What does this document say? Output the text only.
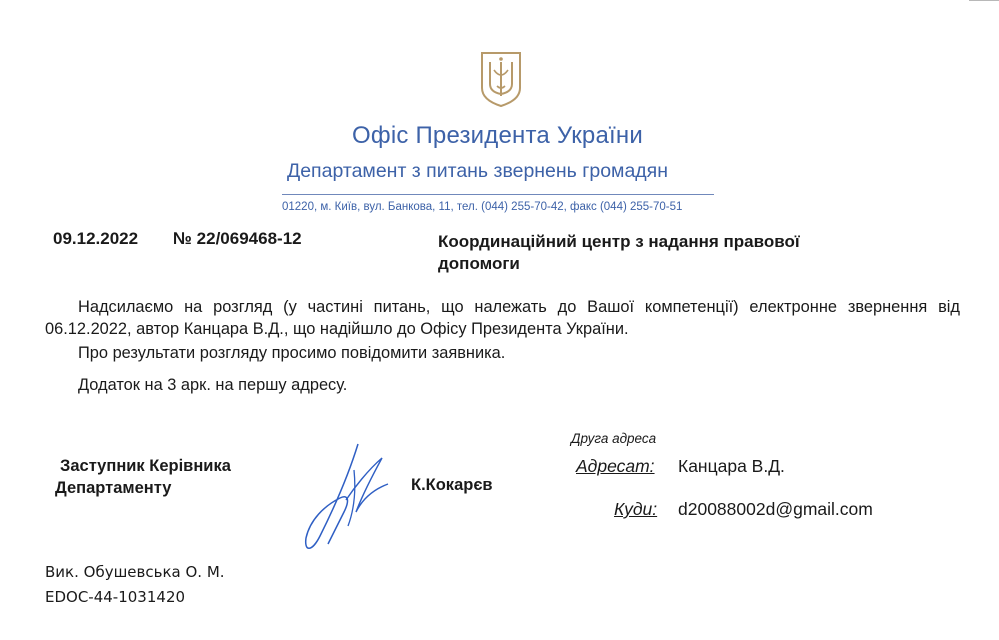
Офіс Президента України
Департамент з питань звернень громадян
01220, м. Київ, вул. Банкова, 11, тел. (044) 255-70-42, факс (044) 255-70-51
09.12.2022 № 22/069468-12	Координаційний центр з надання правової допомоги
Надсилаємо на розгляд (у частині питань, що належать до Вашої компетенції) електронне звернення від 06.12.2022, автор Канцара В.Д., що надійшло до Офісу Президента України.
Про результати розгляду просимо повідомити заявника.
Додаток на 3 арк. на першу адресу.
Заступник Керівника
Департаменту	К.Кокарєв
Друга адреса
Адресат: Канцара В.Д.
Куди: d20088002d@gmail.com
Вик. Обушевська О. М.
EDOC-44-1031420
